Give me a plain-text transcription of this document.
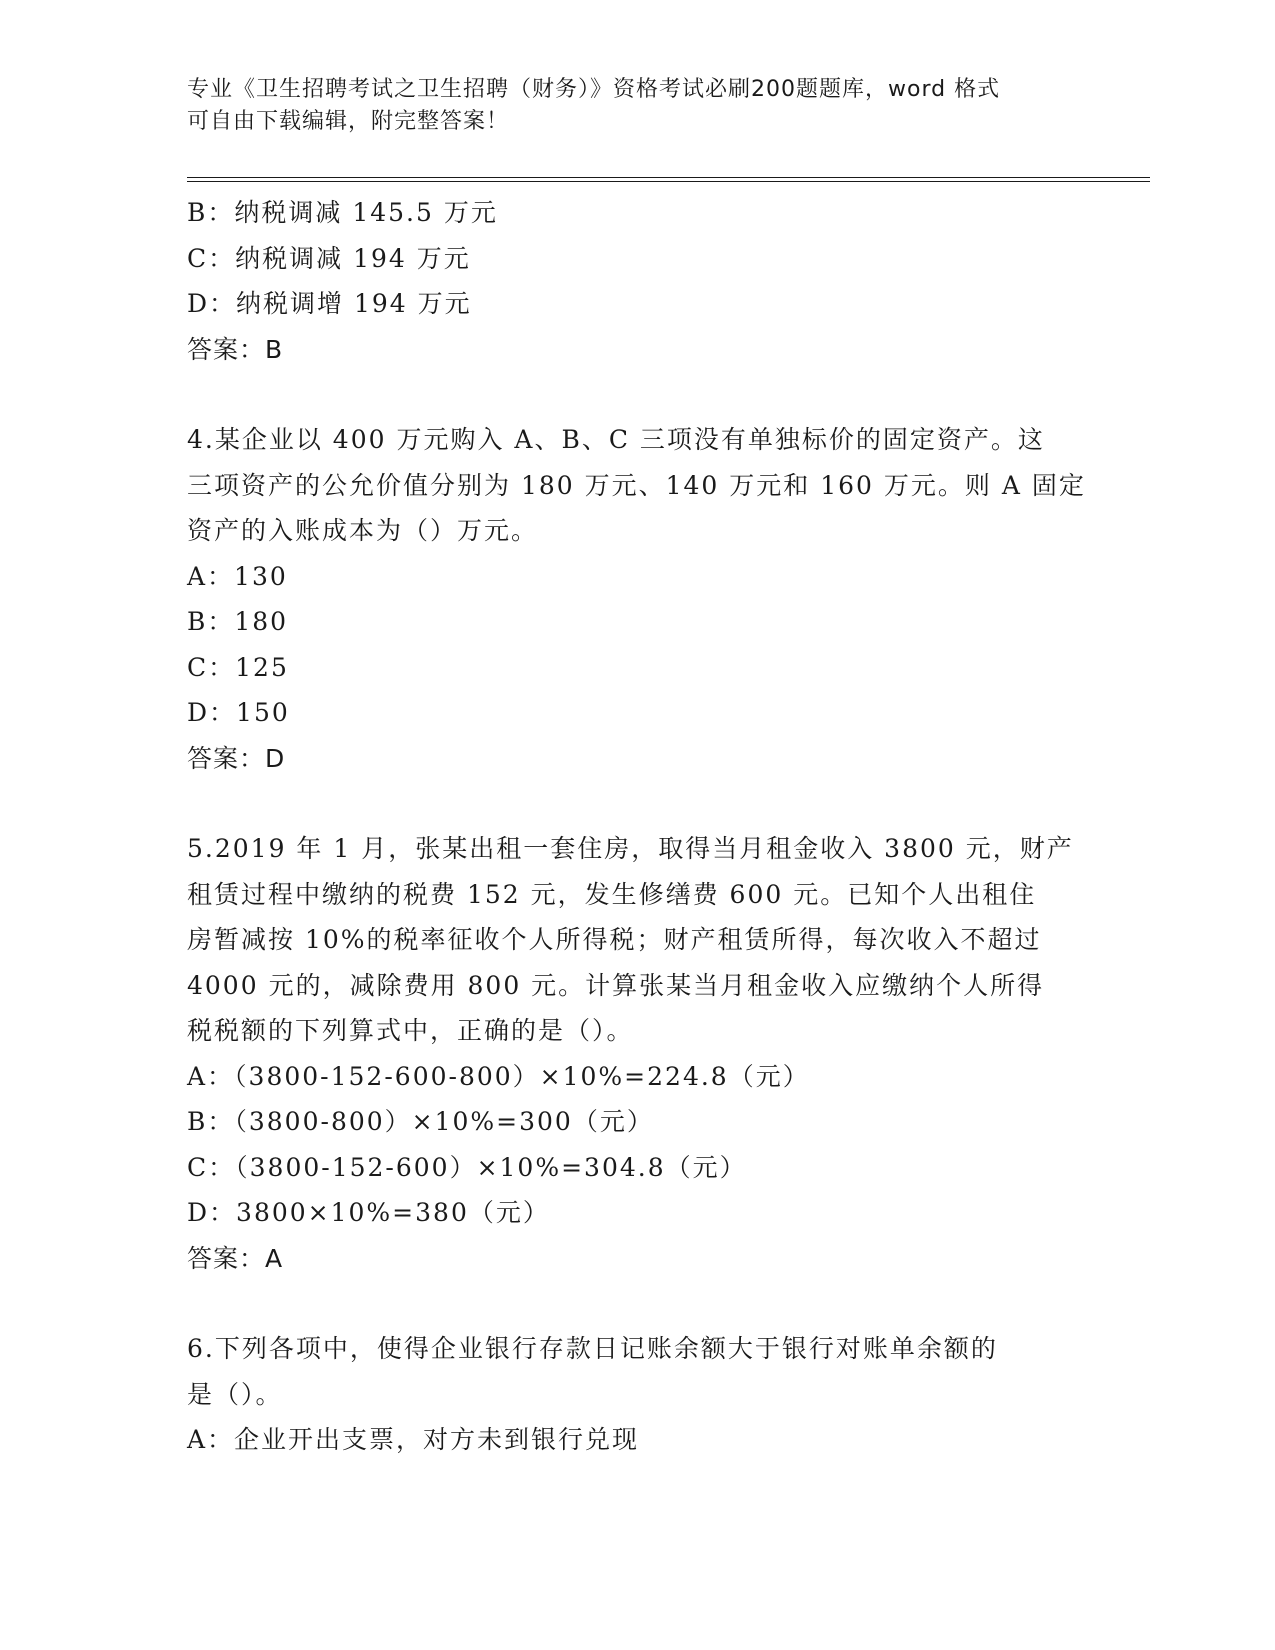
专业《卫生招聘考试之卫生招聘（财务）》资格考试必刷200题题库，word 格式
可自由下载编辑，附完整答案！
B：纳税调减 145.5 万元
C：纳税调减 194 万元
D：纳税调增 194 万元
答案：B
4.某企业以 400 万元购入 A、B、C 三项没有单独标价的固定资产。这
三项资产的公允价值分别为 180 万元、140 万元和 160 万元。则 A 固定
资产的入账成本为（）万元。
A：130
B：180
C：125
D：150
答案：D
5.2019 年 1 月，张某出租一套住房，取得当月租金收入 3800 元，财产
租赁过程中缴纳的税费 152 元，发生修缮费 600 元。已知个人出租住
房暂减按 10%的税率征收个人所得税；财产租赁所得，每次收入不超过
4000 元的，减除费用 800 元。计算张某当月租金收入应缴纳个人所得
税税额的下列算式中，正确的是（）。
A：（3800-152-600-800）×10%=224.8（元）
B：（3800-800）×10%=300（元）
C：（3800-152-600）×10%=304.8（元）
D：3800×10%=380（元）
答案：A
6.下列各项中，使得企业银行存款日记账余额大于银行对账单余额的
是（）。
A：企业开出支票，对方未到银行兑现
